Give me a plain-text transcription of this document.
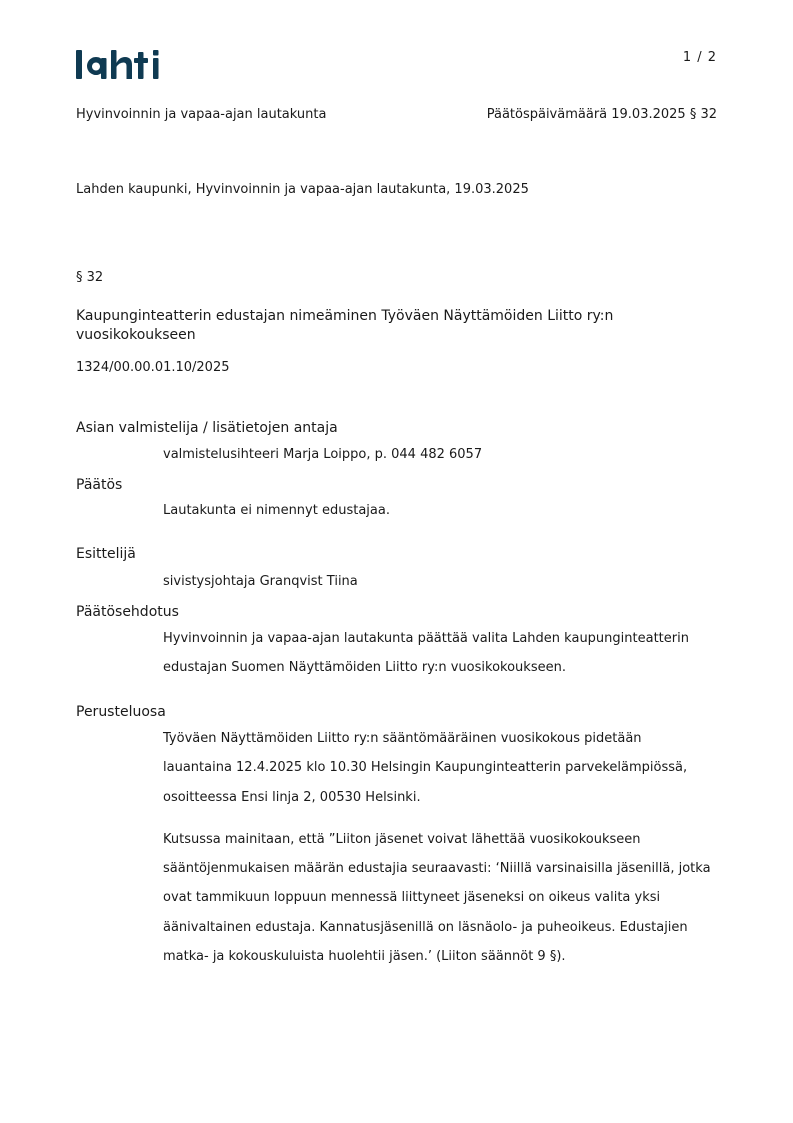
1 / 2
Hyvinvoinnin ja vapaa-ajan lautakunta	Päätöspäivämäärä 19.03.2025 § 32
Lahden kaupunki, Hyvinvoinnin ja vapaa-ajan lautakunta, 19.03.2025
§ 32
Kaupunginteatterin edustajan nimeäminen Työväen Näyttämöiden Liitto ry:n
vuosikokoukseen
1324/00.00.01.10/2025
Asian valmistelija / lisätietojen antaja
valmistelusihteeri Marja Loippo, p. 044 482 6057
Päätös
Lautakunta ei nimennyt edustajaa.
Esittelijä
sivistysjohtaja Granqvist Tiina
Päätösehdotus
Hyvinvoinnin ja vapaa-ajan lautakunta päättää valita Lahden kaupunginteatterin
edustajan Suomen Näyttämöiden Liitto ry:n vuosikokoukseen.
Perusteluosa
Työväen Näyttämöiden Liitto ry:n sääntömääräinen vuosikokous pidetään
lauantaina 12.4.2025 klo 10.30 Helsingin Kaupunginteatterin parvekelämpiössä,
osoitteessa Ensi linja 2, 00530 Helsinki.
Kutsussa mainitaan, että ”Liiton jäsenet voivat lähettää vuosikokoukseen
sääntöjenmukaisen määrän edustajia seuraavasti: ‘Niillä varsinaisilla jäsenillä, jotka
ovat tammikuun loppuun mennessä liittyneet jäseneksi on oikeus valita yksi
äänivaltainen edustaja. Kannatusjäsenillä on läsnäolo- ja puheoikeus. Edustajien
matka- ja kokouskuluista huolehtii jäsen.’ (Liiton säännöt 9 §).
